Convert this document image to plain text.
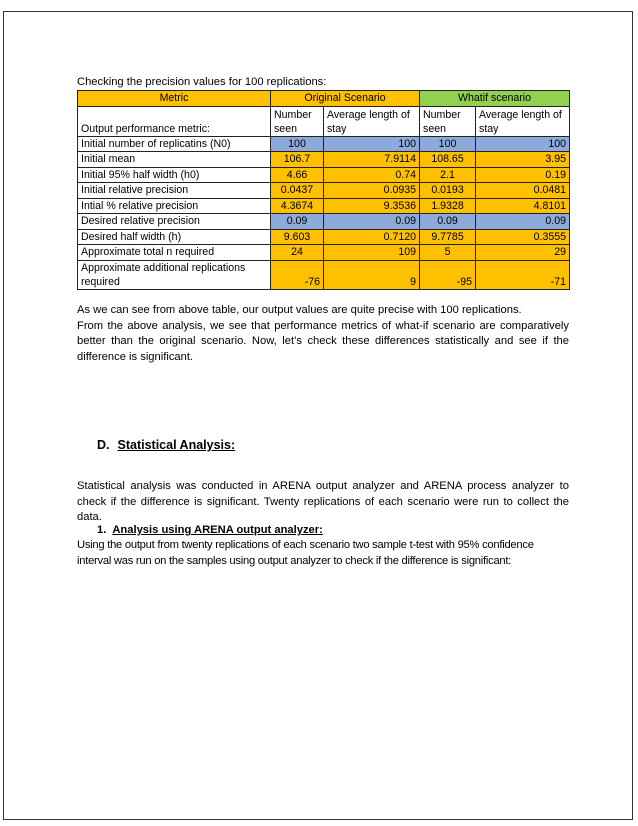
Checking the precision values for 100 replications:
Metric	Original Scenario		Whatif scenario	
Output performance metric:	Number seen	Average length of stay	Number seen	Average length of stay
Initial number of replicatins (N0)	100	100	100	100
Initial mean	106.7	7.9114	108.65	3.95
Initial 95% half width (h0)	4.66	0.74	2.1	0.19
Initial relative precision	0.0437	0.0935	0.0193	0.0481
Intial % relative precision	4.3674	9.3536	1.9328	4.8101
Desired relative precision	0.09	0.09	0.09	0.09
Desired half width (h)	9.603	0.7120	9.7785	0.3555
Approximate total n required	24	109	5	29
Approximate additional replications required	-76	9	-95	-71
As we can see from above table, our output values are quite precise with 100 replications.
From the above analysis, we see that performance metrics of what-if scenario are comparatively better than the original scenario. Now, let’s check these differences statistically and see if the difference is significant.
D. Statistical Analysis:
Statistical analysis was conducted in ARENA output analyzer and ARENA process analyzer to check if the difference is significant. Twenty replications of each scenario were run to collect the data.
1. Analysis using ARENA output analyzer:
Using the output from twenty replications of each scenario two sample t-test with 95% confidence interval was run on the samples using output analyzer to check if the difference is significant:
